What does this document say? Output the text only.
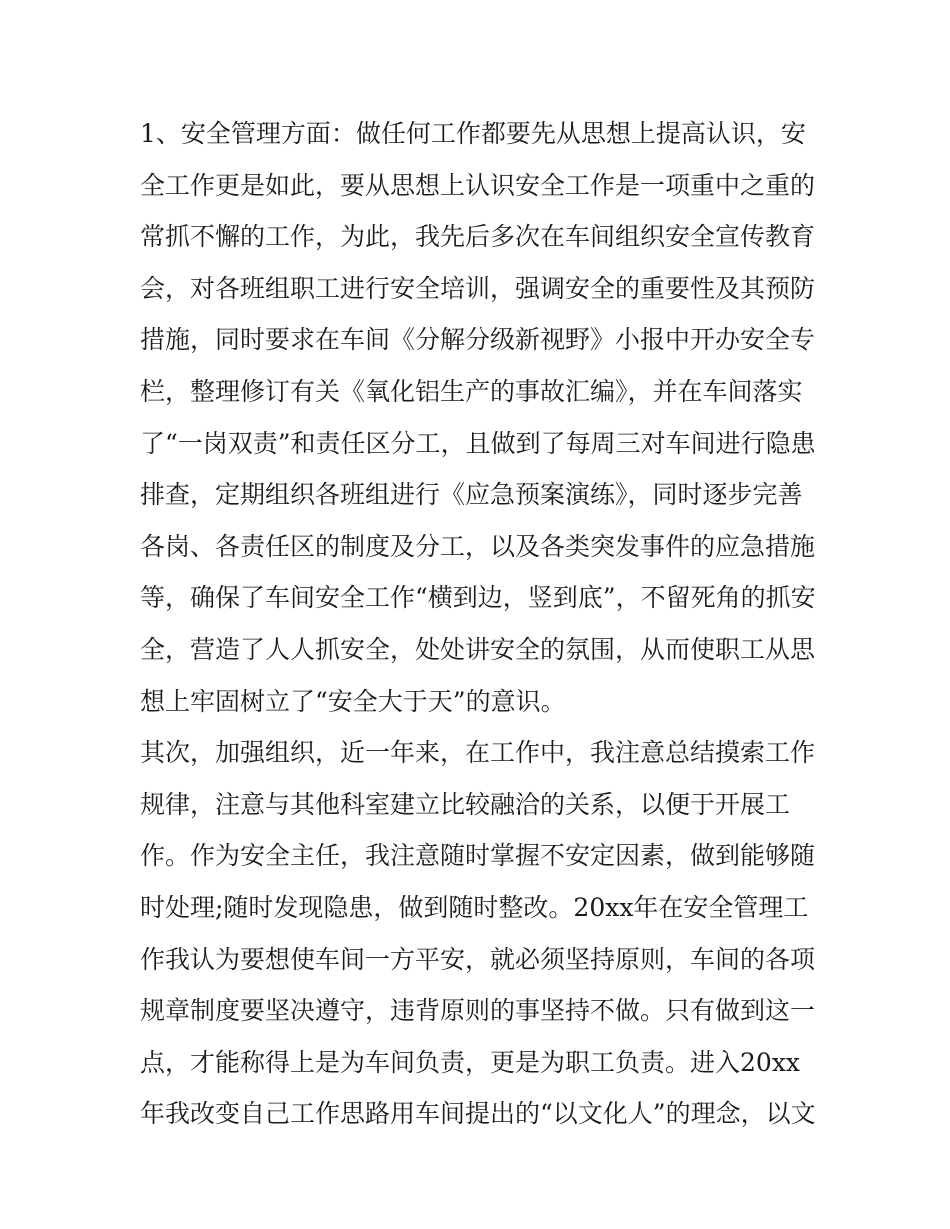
1、安全管理方面：做任何工作都要先从思想上提高认识，安
全工作更是如此，要从思想上认识安全工作是一项重中之重的
常抓不懈的工作，为此，我先后多次在车间组织安全宣传教育
会，对各班组职工进行安全培训，强调安全的重要性及其预防
措施，同时要求在车间《分解分级新视野》小报中开办安全专
栏，整理修订有关《氧化铝生产的事故汇编》，并在车间落实
了“一岗双责”和责任区分工，且做到了每周三对车间进行隐患
排查，定期组织各班组进行《应急预案演练》，同时逐步完善
各岗、各责任区的制度及分工，以及各类突发事件的应急措施
等，确保了车间安全工作“横到边，竖到底”，不留死角的抓安
全，营造了人人抓安全，处处讲安全的氛围，从而使职工从思
想上牢固树立了“安全大于天”的意识。
其次，加强组织，近一年来，在工作中，我注意总结摸索工作
规律，注意与其他科室建立比较融洽的关系，以便于开展工
作。作为安全主任，我注意随时掌握不安定因素，做到能够随
时处理;随时发现隐患，做到随时整改。20xx年在安全管理工
作我认为要想使车间一方平安，就必须坚持原则，车间的各项
规章制度要坚决遵守，违背原则的事坚持不做。只有做到这一
点，才能称得上是为车间负责，更是为职工负责。进入20xx
年我改变自己工作思路用车间提出的“以文化人”的理念，以文
